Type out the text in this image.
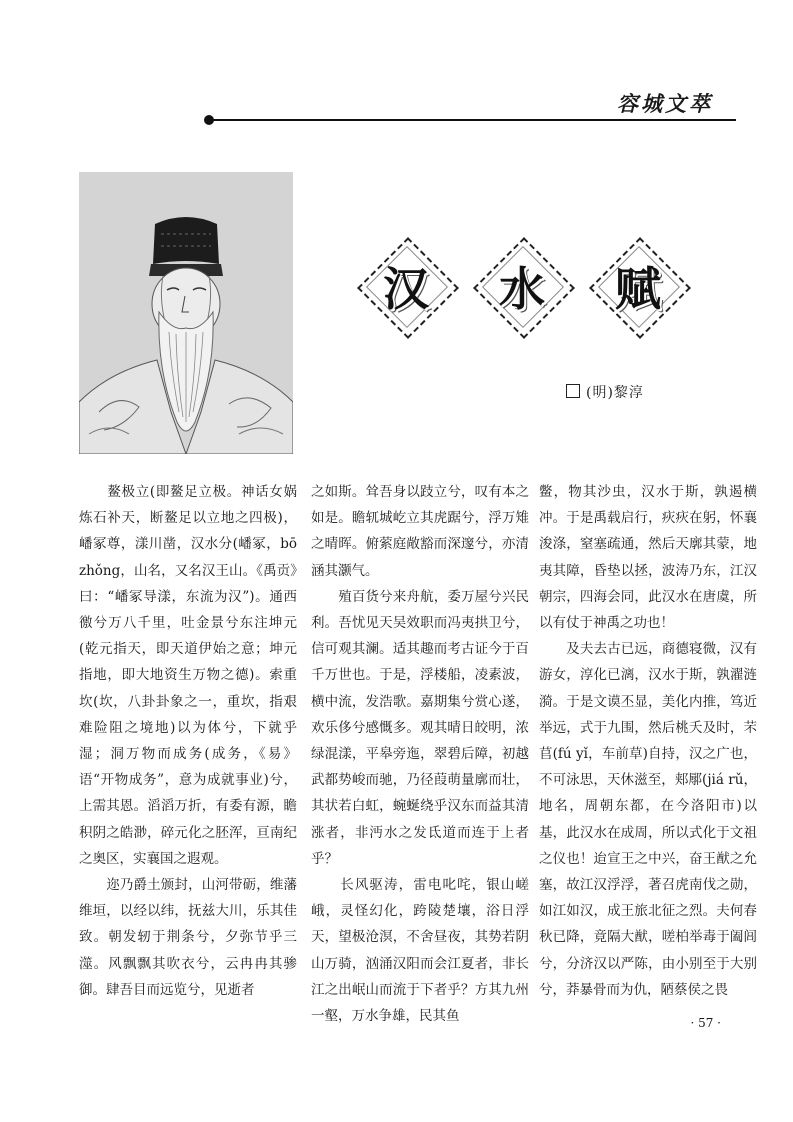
容城文萃
汉	水	赋
(明)黎淳
　　鳌极立(即鳌足立极。神话女娲炼石补天，断鳌足以立地之四极)，嶓冢尊，漾川凿，汉水分(嶓冢，bō zhǒng，山名，又名汉王山。《禹贡》曰：“嶓冢导漾，东流为汉”)。通西徼兮万八千里，吐金景兮东注坤元(乾元指天，即天道伊始之意；坤元指地，即大地资生万物之德)。索重坎(坎，八卦卦象之一，重坎，指艰难险阻之境地)以为体兮，下就乎湿；洞万物而成务(成务，《易》语“开物成务”，意为成就事业)兮，上需其恩。滔滔万折，有委有源，瞻积阴之皓渺，碎元化之胚浑，亘南纪之奥区，实襄国之遐观。
　　迩乃爵土颁封，山河带砺，维藩维垣，以经以纬，抚兹大川，乐其佳致。朝发轫于荆条兮，夕弥节乎三澨。风飘飘其吹衣兮，云冉冉其骖御。肆吾目而远览兮，见逝者
之如斯。耸吾身以跂立兮，叹有本之如是。瞻𫐄城屹立其虎踞兮，浮万雉之晴晖。俯萦庭敞豁而深邃兮，亦清涵其灏气。
　　殖百货兮来舟航，委万屋兮兴民利。吾忧见天吴效职而冯夷拱卫兮，信可观其澜。适其趣而考古证今于百千万世也。于是，浮楼船，凌素波，横中流，发浩歌。嘉期集兮赏心遂，欢乐侈兮感慨多。观其晴日皎明，浓绿混漾，平皋旁迤，翠碧后障，初越武都势峻而驰，乃径葭萌量廓而壮，其状若白虹，蜿蜒绕乎汉东而益其清涨者，非沔水之发氐道而连于上者乎？
　　长风驱涛，雷电叱咤，银山嵯峨，灵怪幻化，跨陵楚壤，浴日浮天，望极沧溟，不舍昼夜，其势若阴山万骑，汹涌汉阳而会江夏者，非长江之出岷山而流于下者乎？方其九州一壑，万水争雄，民其鱼
鳖，物其沙虫，汉水于斯，孰遏横冲。于是禹载启行，疢疢在躬，怀襄浚涤，窒塞疏通，然后天廓其蒙，地夷其障，昏垫以拯，波涛乃东，江汉朝宗，四海会同，此汉水在唐虞，所以有仗于神禹之功也！
　　及夫去古已远，商德寝微，汉有游女，淳化已漓，汉水于斯，孰濯涟漪。于是文谟丕显，美化内推，笃近举远，式于九围，然后桃夭及时，芣苢(fú yǐ，车前草)自持，汉之广也，不可泳思，天休滋至，郏鄏(jiá rǔ，地名，周朝东都，在今洛阳市)以基，此汉水在成周，所以式化于文祖之仪也！迨宣王之中兴，奋王猷之允塞，故江汉浮浮，著召虎南伐之勋，如江如汉，成王旅北征之烈。夫何春秋已降，竟隔大猷，嗟柏举毒于阖闾兮，分济汉以严陈，由小别至于大别兮，莽暴骨而为仇，陋蔡侯之畏
· 57 ·
